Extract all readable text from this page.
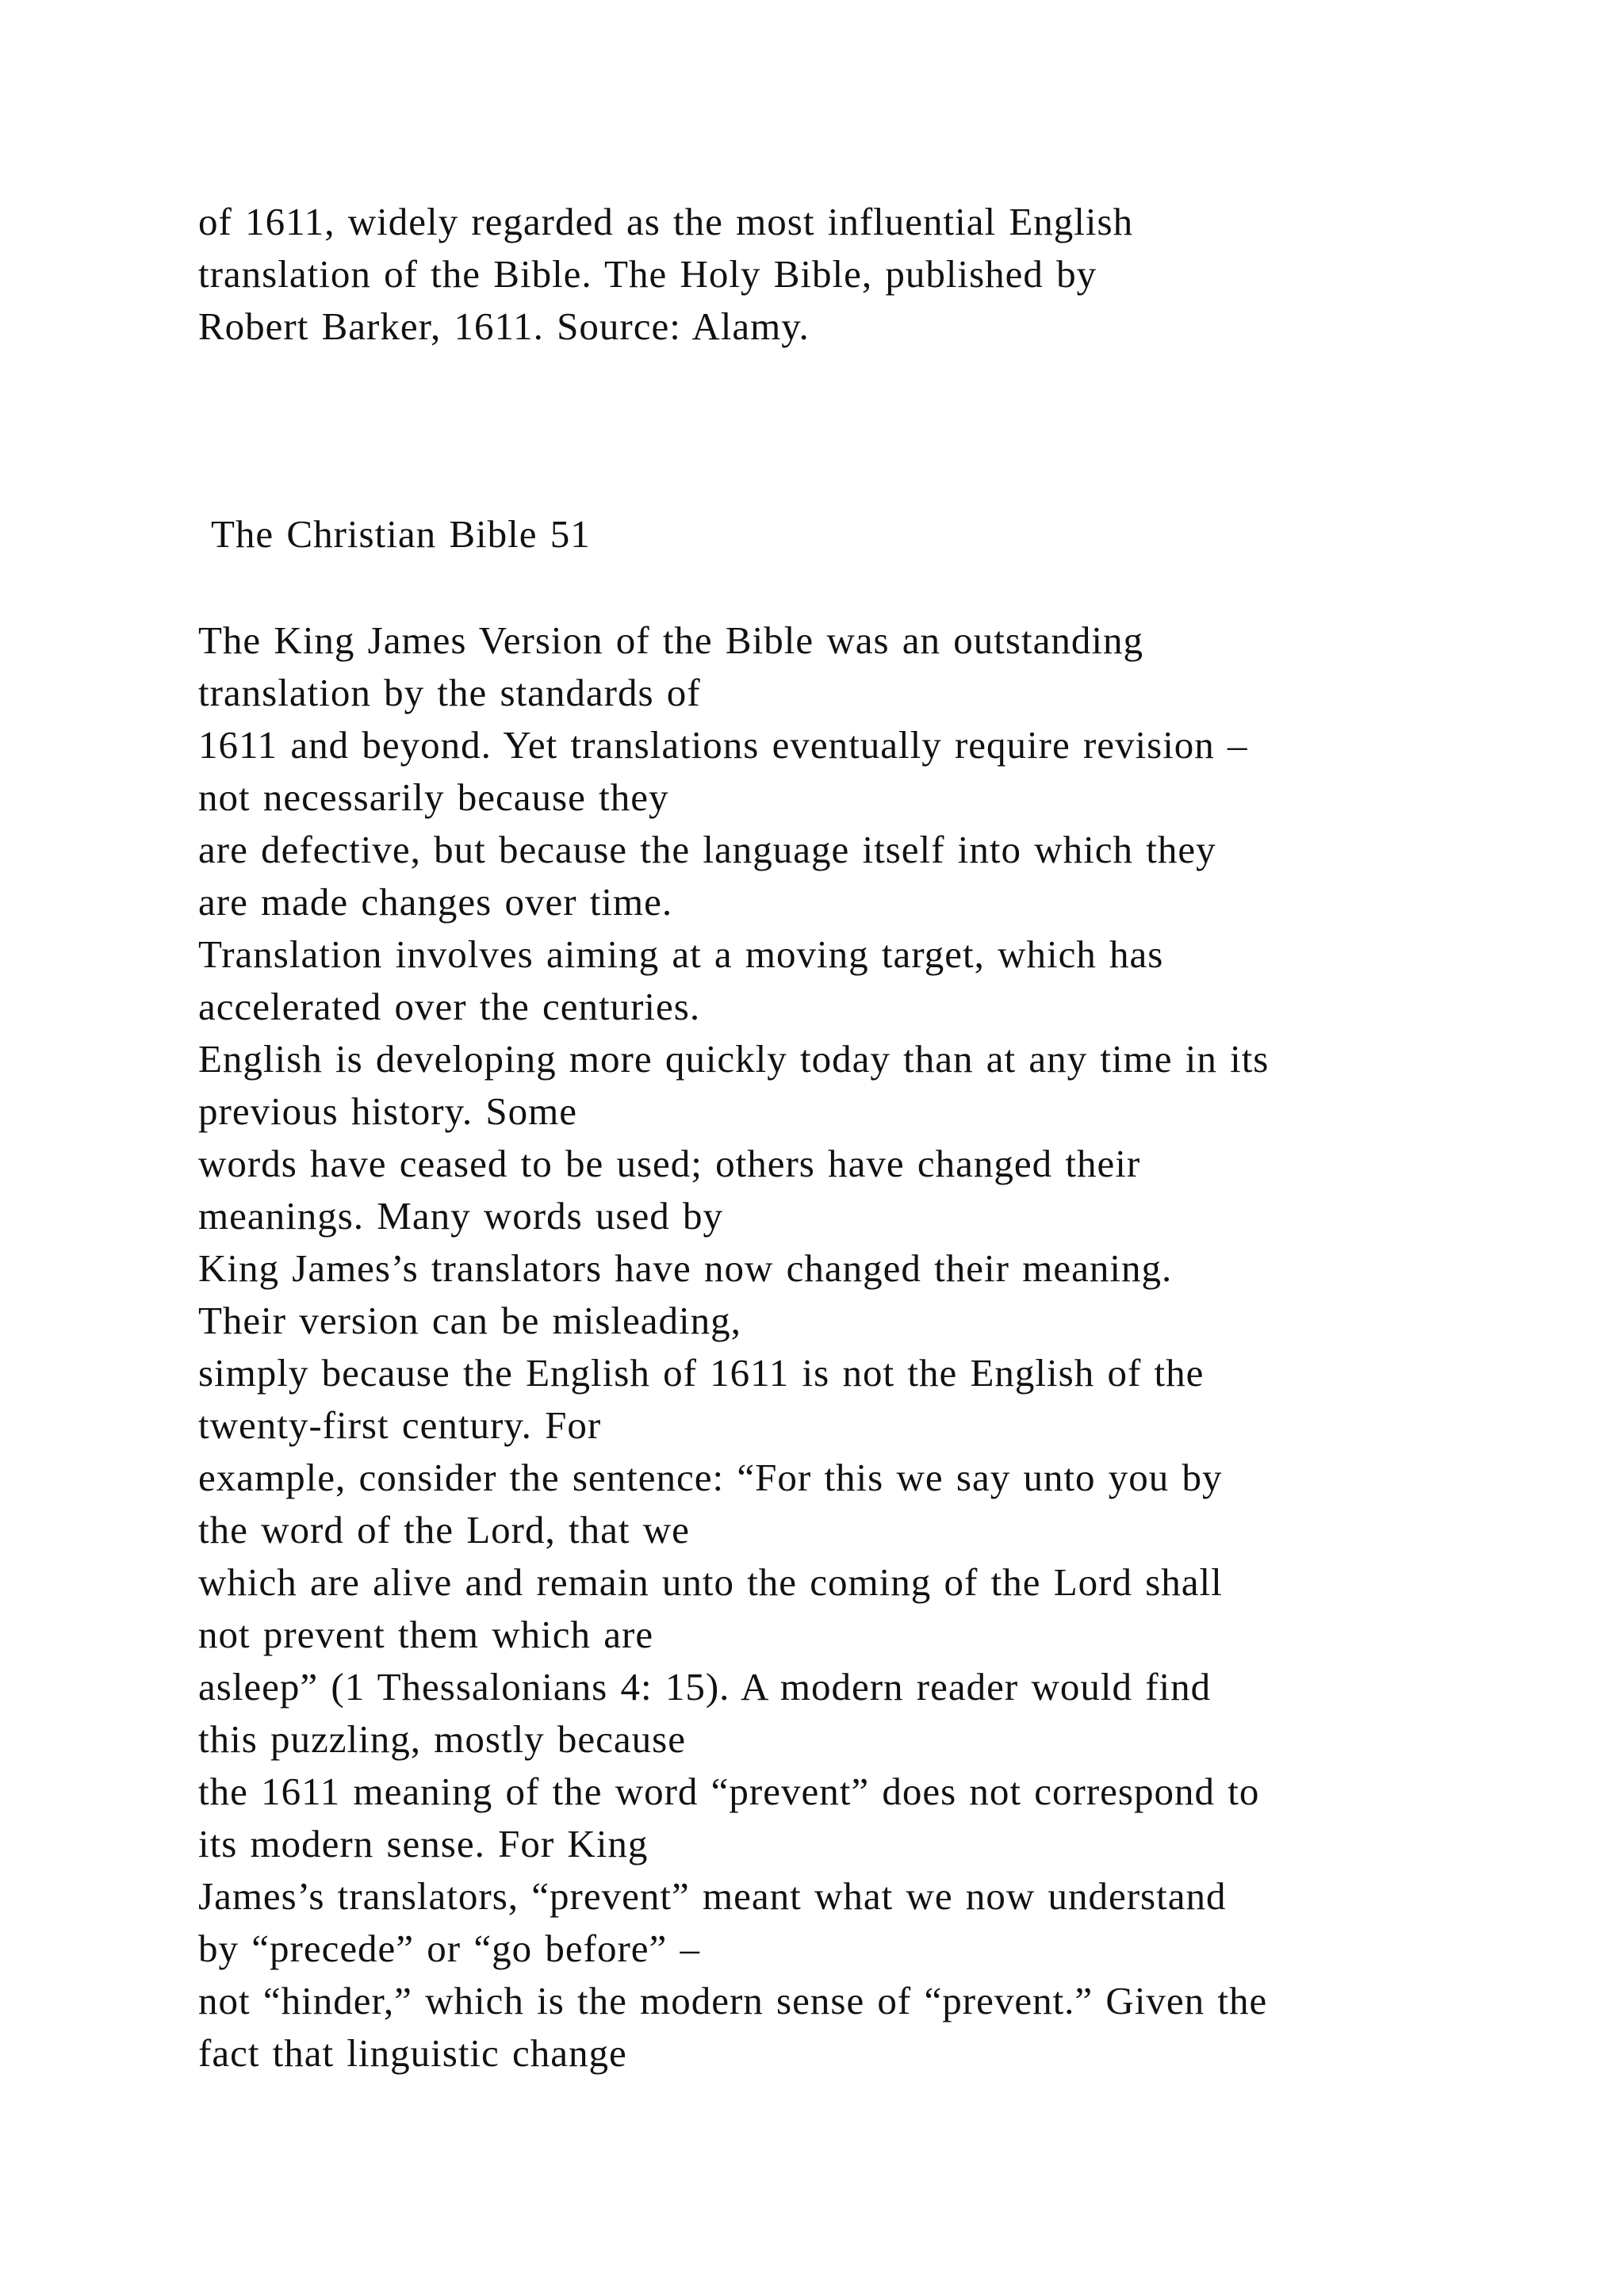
of 1611, widely regarded as the most influential English
translation of the Bible. The Holy Bible, published by
Robert Barker, 1611. Source: Alamy.
The Christian Bible 51
The King James Version of the Bible was an outstanding
translation by the standards of
1611 and beyond. Yet translations eventually require revision –
not necessarily because they
are defective, but because the language itself into which they
are made changes over time.
Translation involves aiming at a moving target, which has
accelerated over the centuries.
English is developing more quickly today than at any time in its
previous history. Some
words have ceased to be used; others have changed their
meanings. Many words used by
King James’s translators have now changed their meaning.
Their version can be misleading,
simply because the English of 1611 is not the English of the
twenty-first century. For
example, consider the sentence: “For this we say unto you by
the word of the Lord, that we
which are alive and remain unto the coming of the Lord shall
not prevent them which are
asleep” (1 Thessalonians 4: 15). A modern reader would find
this puzzling, mostly because
the 1611 meaning of the word “prevent” does not correspond to
its modern sense. For King
James’s translators, “prevent” meant what we now understand
by “precede” or “go before” –
not “hinder,” which is the modern sense of “prevent.” Given the
fact that linguistic change
